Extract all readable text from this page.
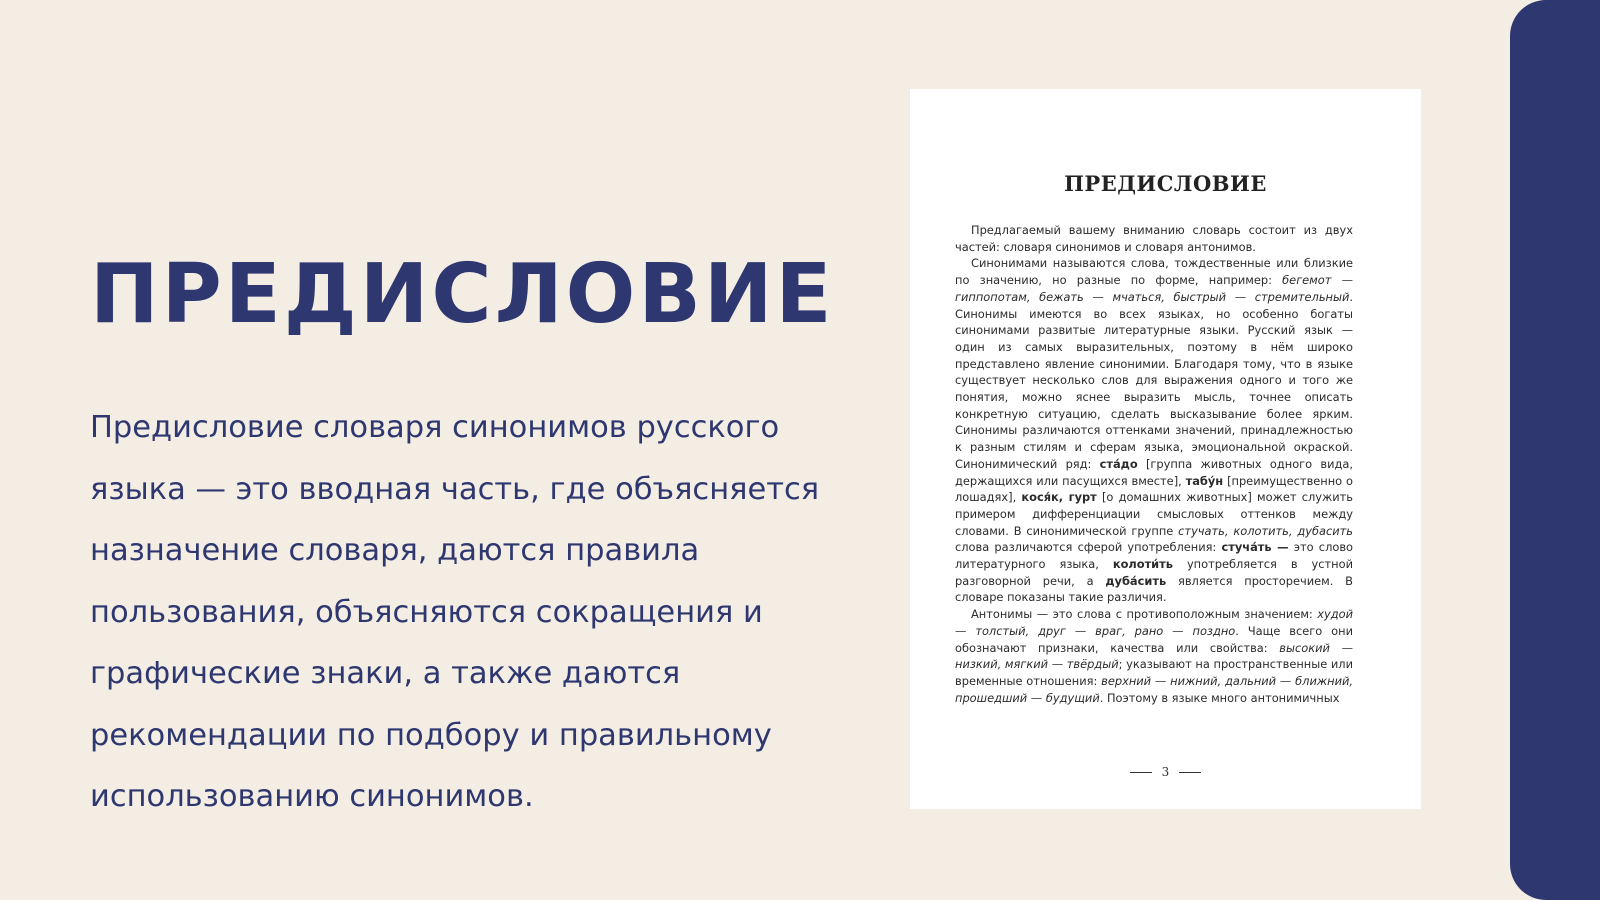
ПРЕДИСЛОВИЕ

Предисловие словаря синонимов русского языка — это вводная часть, где объясняется назначение словаря, даются правила пользования, объясняются сокращения и графические знаки, а также даются рекомендации по подбору и правильному использованию синонимов.

ПРЕДИСЛОВИЕ

Предлагаемый вашему вниманию словарь состоит из двух частей: словаря синонимов и словаря антонимов.

Синонимами называются слова, тождественные или близкие по значению, но разные по форме, например: бегемот — гиппопотам, бежать — мчаться, быстрый — стремительный. Синонимы имеются во всех языках, но особенно богаты синонимами развитые литературные языки. Русский язык — один из самых выразительных, поэтому в нём широко представлено явление синонимии. Благодаря тому, что в языке существует несколько слов для выражения одного и того же понятия, можно яснее выразить мысль, точнее описать конкретную ситуацию, сделать высказывание более ярким. Синонимы различаются оттенками значений, принадлежностью к разным стилям и сферам языка, эмоциональной окраской. Синонимический ряд: ста́до [группа животных одного вида, держащихся или пасущихся вместе], табу́н [преимущественно о лошадях], кося́к, гурт [о домашних животных] может служить примером дифференциации смысловых оттенков между словами. В синонимической группе стучать, колотить, дубасить слова различаются сферой употребления: стуча́ть — это слово литературного языка, колоти́ть употребляется в устной разговорной речи, а дуба́сить является просторечием. В словаре показаны такие различия.

Антонимы — это слова с противоположным значением: худой — толстый, друг — враг, рано — поздно. Чаще всего они обозначают признаки, качества или свойства: высокий — низкий, мягкий — твёрдый; указывают на пространственные или временные отношения: верхний — нижний, дальний — ближний, прошедший — будущий. Поэтому в языке много антонимичных

3
